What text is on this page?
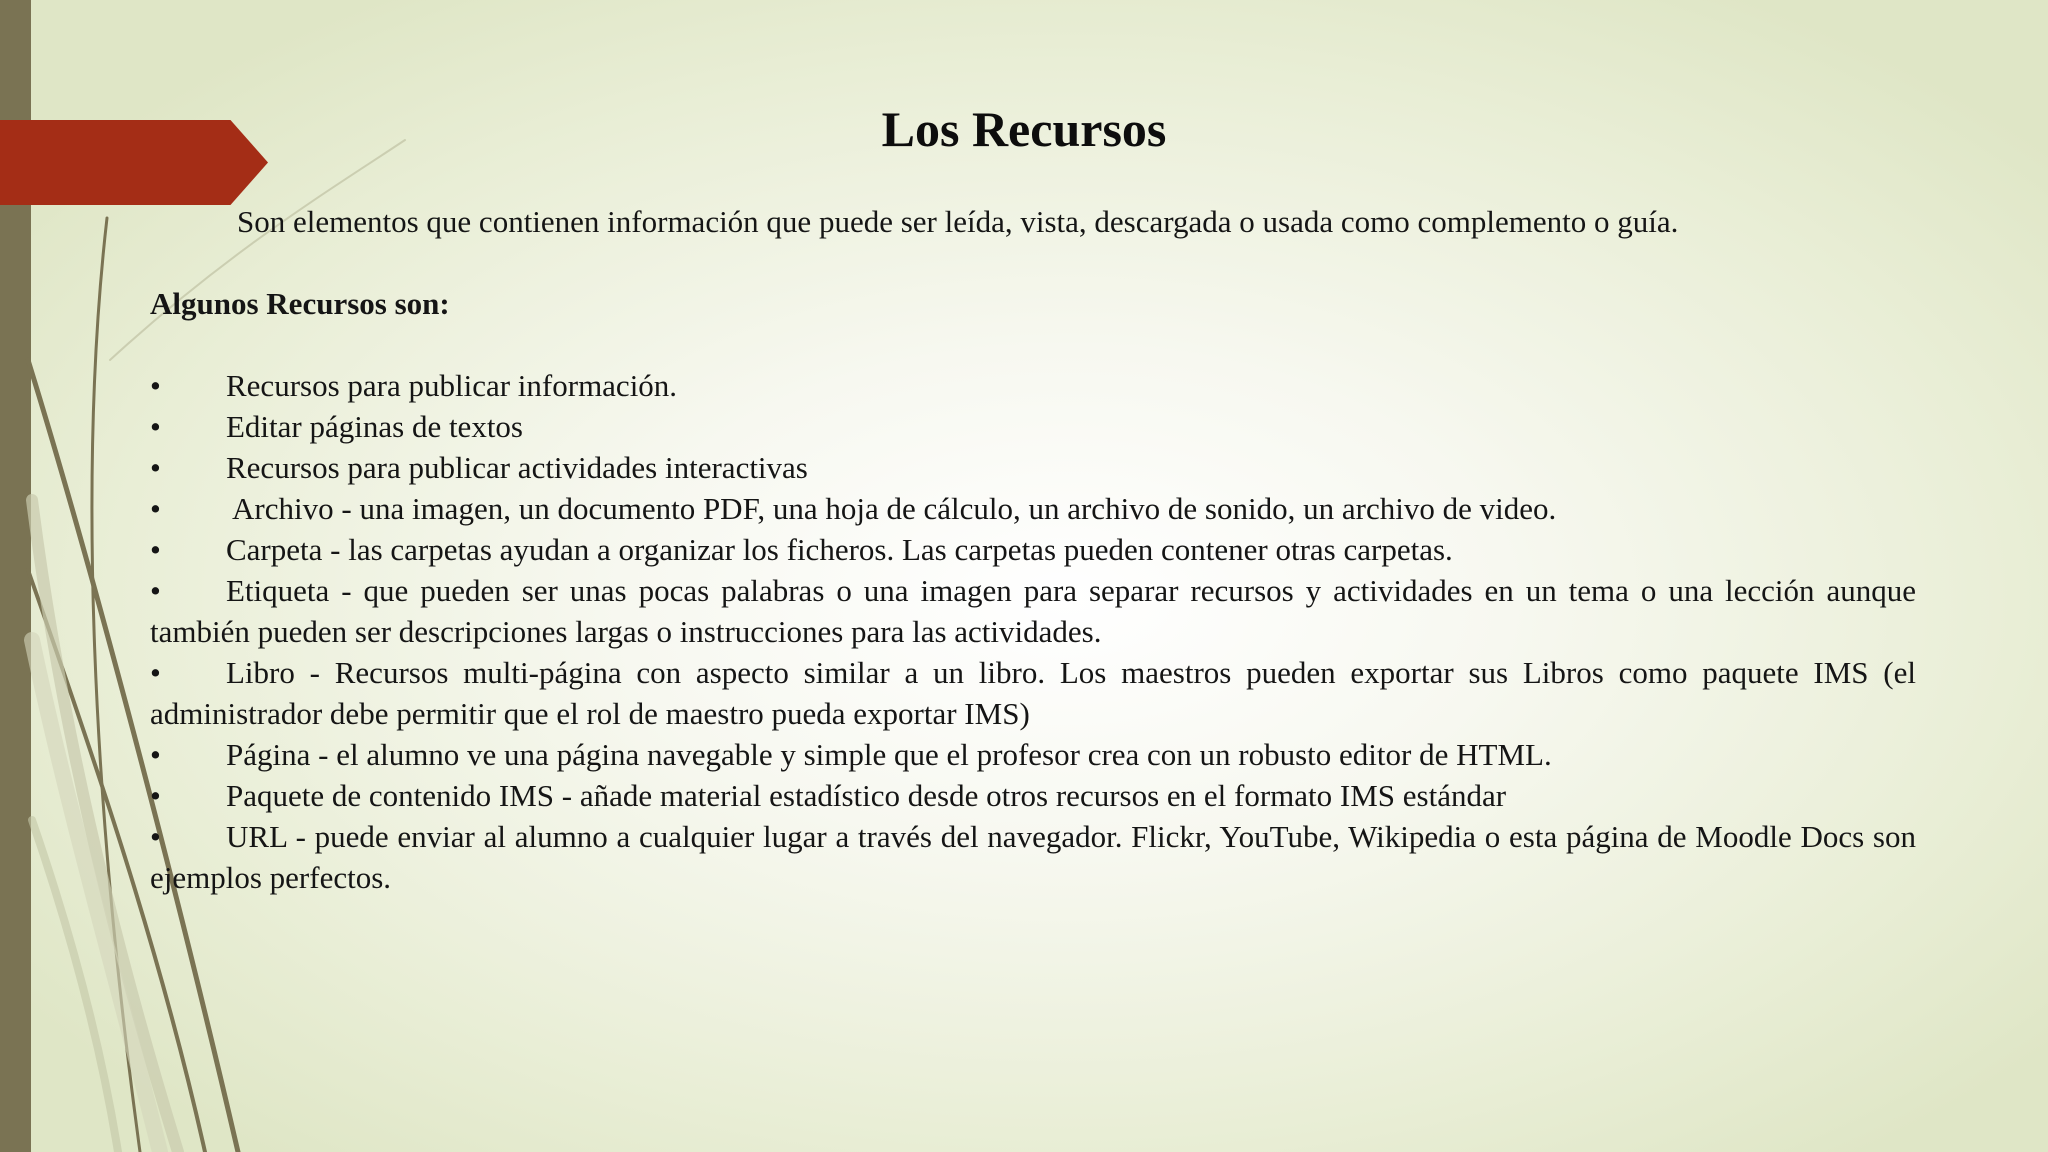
Los Recursos
Son elementos que contienen información que puede ser leída, vista, descargada o usada como complemento o guía.
Algunos Recursos son:
• Recursos para publicar información.
• Editar páginas de textos
• Recursos para publicar actividades interactivas
• Archivo - una imagen, un documento PDF, una hoja de cálculo, un archivo de sonido, un archivo de video.
• Carpeta - las carpetas ayudan a organizar los ficheros. Las carpetas pueden contener otras carpetas.
• Etiqueta - que pueden ser unas pocas palabras o una imagen para separar recursos y actividades en un tema o una lección aunque también pueden ser descripciones largas o instrucciones para las actividades.
• Libro - Recursos multi-página con aspecto similar a un libro. Los maestros pueden exportar sus Libros como paquete IMS (el administrador debe permitir que el rol de maestro pueda exportar IMS)
• Página - el alumno ve una página navegable y simple que el profesor crea con un robusto editor de HTML.
• Paquete de contenido IMS - añade material estadístico desde otros recursos en el formato IMS estándar
• URL - puede enviar al alumno a cualquier lugar a través del navegador. Flickr, YouTube, Wikipedia o esta página de Moodle Docs son ejemplos perfectos.
